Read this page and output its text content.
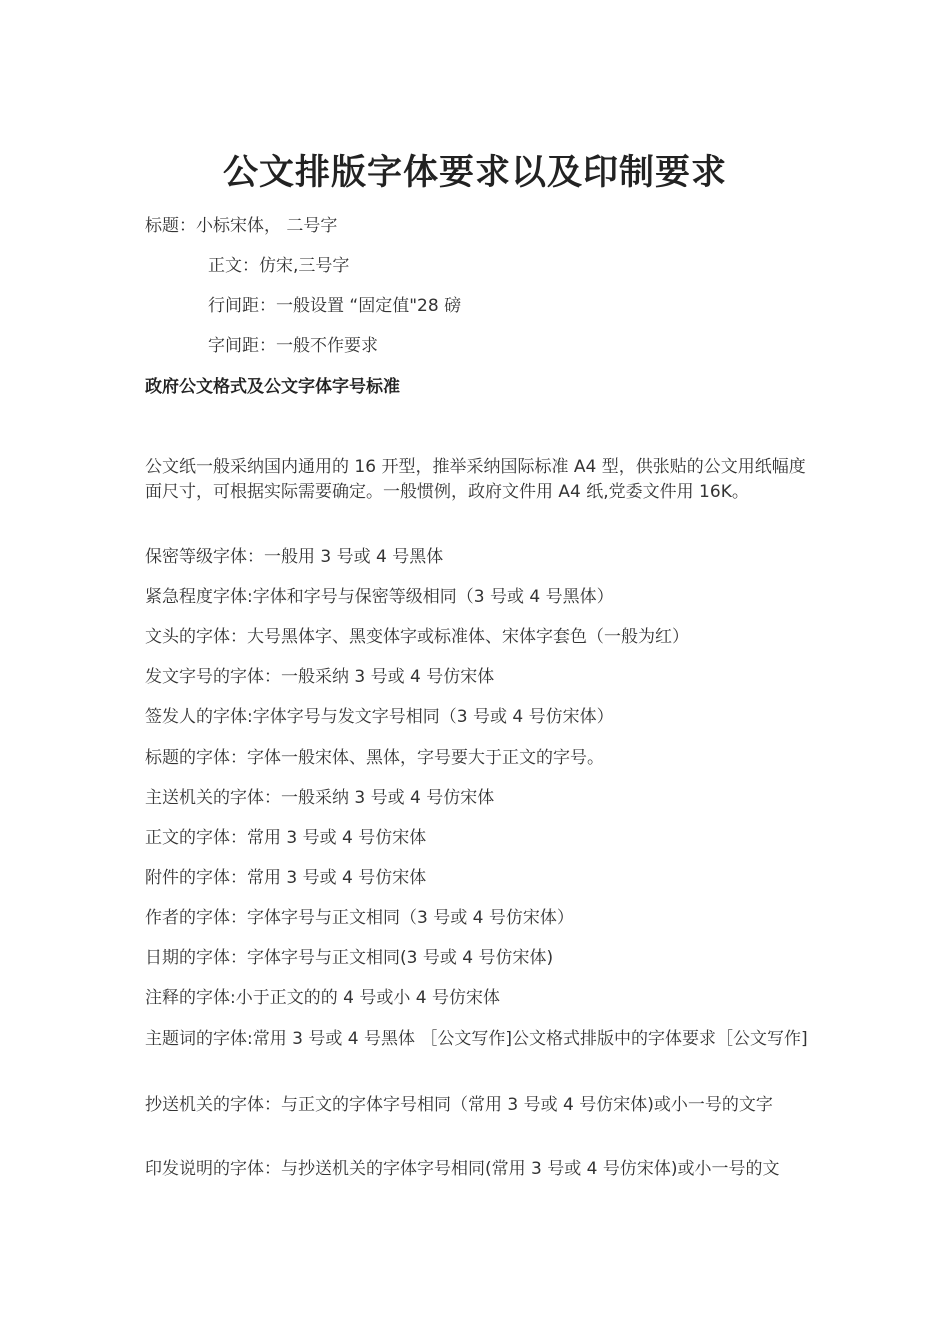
公文排版字体要求以及印制要求
标题：小标宋体， 二号字
正文：仿宋,三号字
行间距：一般设置 “固定值"28 磅
字间距：一般不作要求
政府公文格式及公文字体字号标准
公文纸一般采纳国内通用的 16 开型，推举采纳国际标准 A4 型，供张贴的公文用纸幅度面尺寸，可根据实际需要确定。一般惯例，政府文件用 A4 纸,党委文件用 16K。
保密等级字体：一般用 3 号或 4 号黑体
紧急程度字体:字体和字号与保密等级相同（3 号或 4 号黑体）
文头的字体：大号黑体字、黑变体字或标准体、宋体字套色（一般为红）
发文字号的字体：一般采纳 3 号或 4 号仿宋体
签发人的字体:字体字号与发文字号相同（3 号或 4 号仿宋体）
标题的字体：字体一般宋体、黑体，字号要大于正文的字号。
主送机关的字体：一般采纳 3 号或 4 号仿宋体
正文的字体：常用 3 号或 4 号仿宋体
附件的字体：常用 3 号或 4 号仿宋体
作者的字体：字体字号与正文相同（3 号或 4 号仿宋体）
日期的字体：字体字号与正文相同(3 号或 4 号仿宋体)
注释的字体:小于正文的的 4 号或小 4 号仿宋体
主题词的字体:常用 3 号或 4 号黑体 ［公文写作]公文格式排版中的字体要求［公文写作]
抄送机关的字体：与正文的字体字号相同（常用 3 号或 4 号仿宋体)或小一号的文字
印发说明的字体：与抄送机关的字体字号相同(常用 3 号或 4 号仿宋体)或小一号的文
